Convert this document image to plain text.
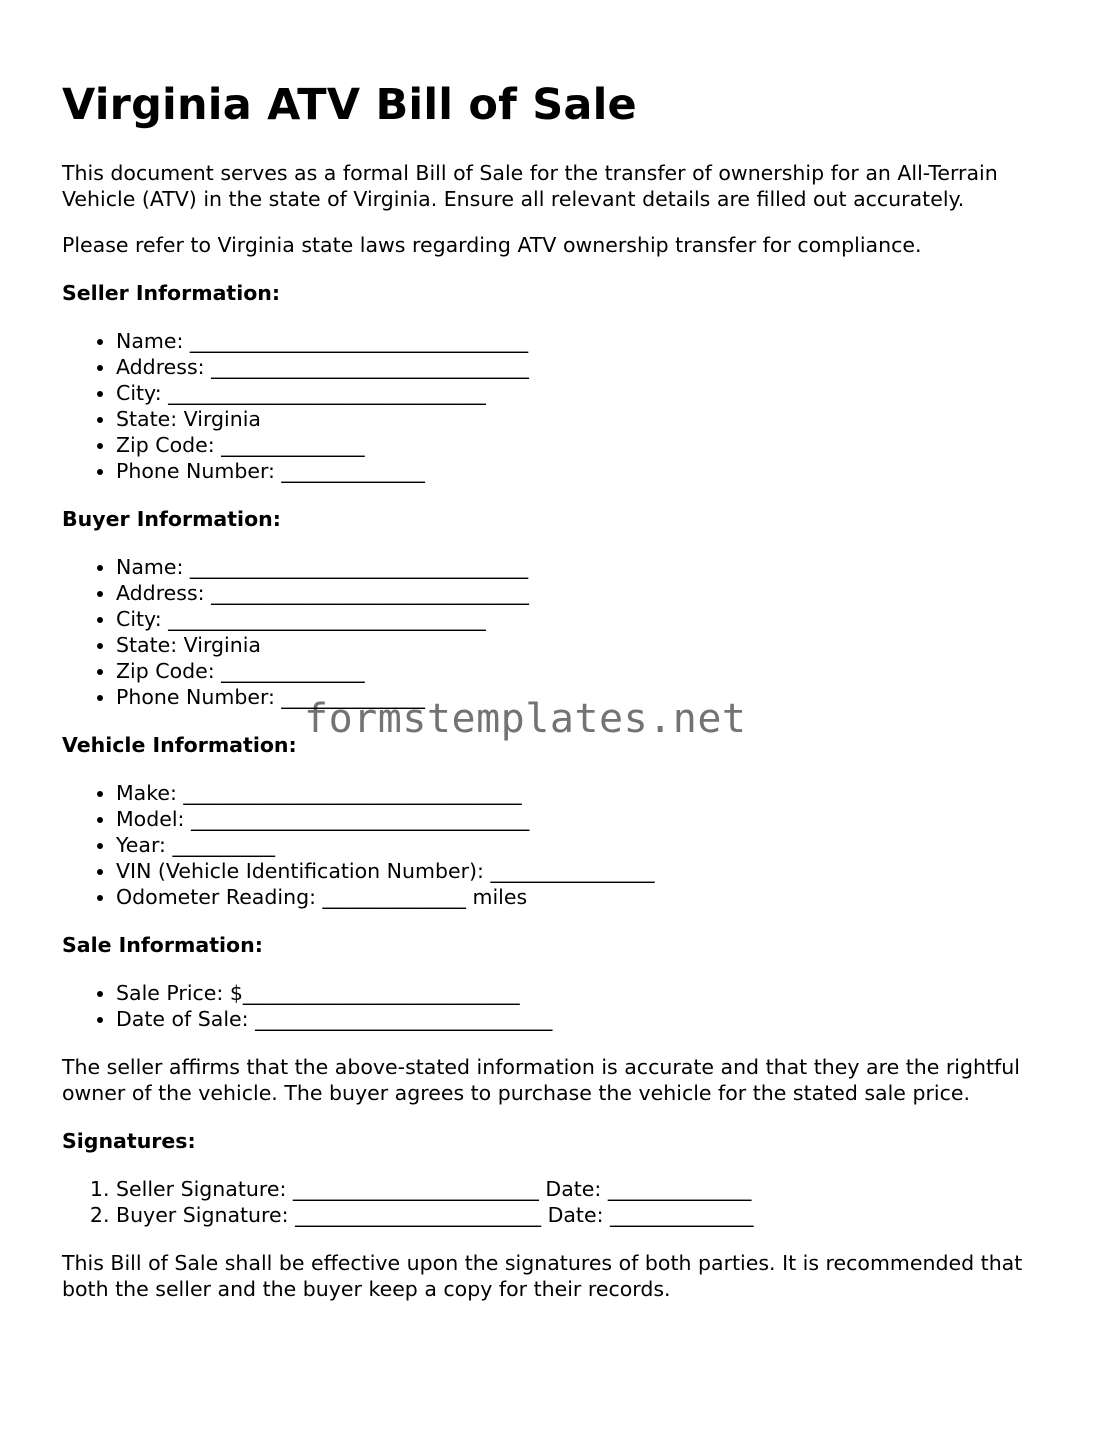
Virginia ATV Bill of Sale

This document serves as a formal Bill of Sale for the transfer of ownership for an All-Terrain Vehicle (ATV) in the state of Virginia. Ensure all relevant details are filled out accurately.

Please refer to Virginia state laws regarding ATV ownership transfer for compliance.

Seller Information:
• Name: _________________________________
• Address: _______________________________
• City: _______________________________
• State: Virginia
• Zip Code: ______________
• Phone Number: ______________
Buyer Information:
• Name: _________________________________
• Address: _______________________________
• City: _______________________________
• State: Virginia
• Zip Code: ______________
• Phone Number: ______________
Vehicle Information:
• Make: _________________________________
• Model: _________________________________
• Year: __________
• VIN (Vehicle Identification Number): ________________
• Odometer Reading: ______________ miles
Sale Information:
• Sale Price: $___________________________
• Date of Sale: _____________________________

The seller affirms that the above-stated information is accurate and that they are the rightful owner of the vehicle. The buyer agrees to purchase the vehicle for the stated sale price.

Signatures:
1. Seller Signature: ________________________ Date: ______________
2. Buyer Signature: ________________________ Date: ______________

This Bill of Sale shall be effective upon the signatures of both parties. It is recommended that both the seller and the buyer keep a copy for their records.

formstemplates.net
